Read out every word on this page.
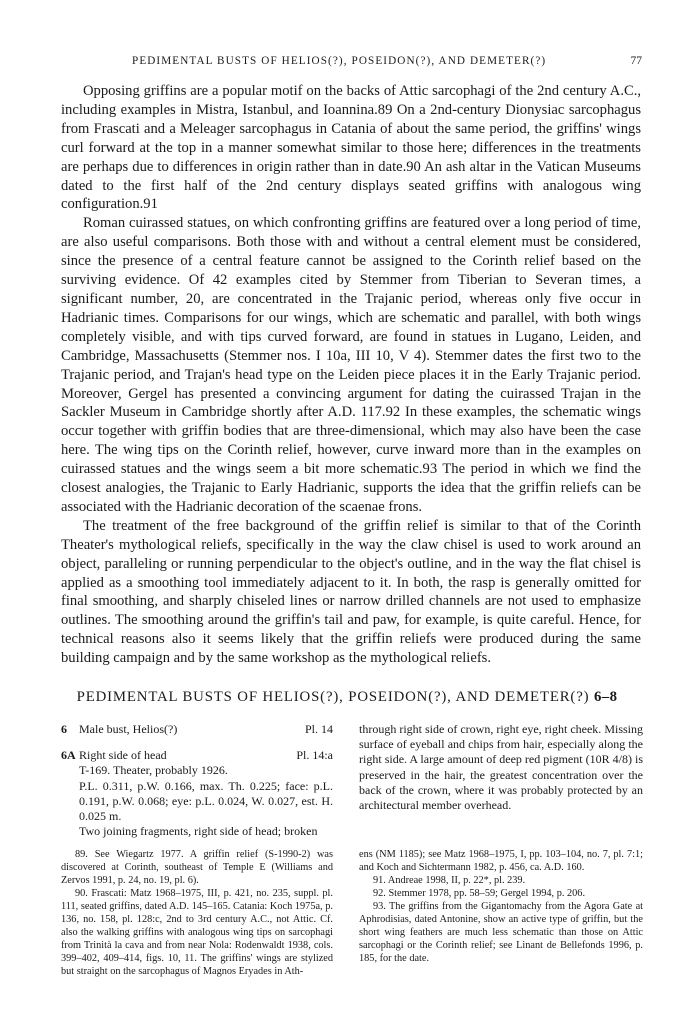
PEDIMENTAL BUSTS OF HELIOS(?), POSEIDON(?), AND DEMETER(?)	77

Opposing griffins are a popular motif on the backs of Attic sarcophagi of the 2nd century A.C., including examples in Mistra, Istanbul, and Ioannina.89 On a 2nd-century Dionysiac sarcophagus from Frascati and a Meleager sarcophagus in Catania of about the same period, the griffins' wings curl forward at the top in a manner somewhat similar to those here; differences in the treatments are perhaps due to differences in origin rather than in date.90 An ash altar in the Vatican Museums dated to the first half of the 2nd century displays seated griffins with analogous wing configuration.91

Roman cuirassed statues, on which confronting griffins are featured over a long period of time, are also useful comparisons. Both those with and without a central element must be considered, since the presence of a central feature cannot be assigned to the Corinth relief based on the surviving evidence. Of 42 examples cited by Stemmer from Tiberian to Severan times, a significant number, 20, are concentrated in the Trajanic period, whereas only five occur in Hadrianic times. Comparisons for our wings, which are schematic and parallel, with both wings completely visible, and with tips curved forward, are found in statues in Lugano, Leiden, and Cambridge, Massachusetts (Stemmer nos. I 10a, III 10, V 4). Stemmer dates the first two to the Trajanic period, and Trajan's head type on the Leiden piece places it in the Early Trajanic period. Moreover, Gergel has presented a convincing argument for dating the cuirassed Trajan in the Sackler Museum in Cambridge shortly after A.D. 117.92 In these examples, the schematic wings occur together with griffin bodies that are three-dimensional, which may also have been the case here. The wing tips on the Corinth relief, however, curve inward more than in the examples on cuirassed statues and the wings seem a bit more schematic.93 The period in which we find the closest analogies, the Trajanic to Early Hadrianic, supports the idea that the griffin reliefs can be associated with the Hadrianic decoration of the scaenae frons.

The treatment of the free background of the griffin relief is similar to that of the Corinth Theater's mythological reliefs, specifically in the way the claw chisel is used to work around an object, paralleling or running perpendicular to the object's outline, and in the way the flat chisel is applied as a smoothing tool immediately adjacent to it. In both, the rasp is generally omitted for final smoothing, and sharply chiseled lines or narrow drilled channels are not used to emphasize outlines. The smoothing around the griffin's tail and paw, for example, is quite careful. Hence, for technical reasons also it seems likely that the griffin reliefs were produced during the same building campaign and by the same workshop as the mythological reliefs.

PEDIMENTAL BUSTS OF HELIOS(?), POSEIDON(?), AND DEMETER(?) 6–8
6 Male bust, Helios(?)	Pl. 14
6A Right side of head	Pl. 14:a

T-169. Theater, probably 1926.

P.L. 0.311, p.W. 0.166, max. Th. 0.225; face: p.L. 0.191, p.W. 0.068; eye: p.L. 0.024, W. 0.027, est. H. 0.025 m.

Two joining fragments, right side of head; broken

through right side of crown, right eye, right cheek. Missing surface of eyeball and chips from hair, especially along the right side. A large amount of deep red pigment (10R 4/8) is preserved in the hair, the greatest concentration over the back of the crown, where it was probably protected by an architectural member overhead.

89. See Wiegartz 1977. A griffin relief (S-1990-2) was discovered at Corinth, southeast of Temple E (Williams and Zervos 1991, p. 24, no. 19, pl. 6).

90. Frascati: Matz 1968–1975, III, p. 421, no. 235, suppl. pl. 111, seated griffins, dated A.D. 145–165. Catania: Koch 1975a, p. 136, no. 158, pl. 128:c, 2nd to 3rd century A.C., not Attic. Cf. also the walking griffins with analogous wing tips on sarcophagi from Trinità la cava and from near Nola: Rodenwaldt 1938, cols. 399–402, 409–414, figs. 10, 11. The griffins' wings are stylized but straight on the sarcophagus of Magnos Eryades in Ath-

ens (NM 1185); see Matz 1968–1975, I, pp. 103–104, no. 7, pl. 7:1; and Koch and Sichtermann 1982, p. 456, ca. A.D. 160.

91. Andreae 1998, II, p. 22*, pl. 239.

92. Stemmer 1978, pp. 58–59; Gergel 1994, p. 206.

93. The griffins from the Gigantomachy from the Agora Gate at Aphrodisias, dated Antonine, show an active type of griffin, but the short wing feathers are much less schematic than those on Attic sarcophagi or the Corinth relief; see Linant de Bellefonds 1996, p. 185, for the date.
